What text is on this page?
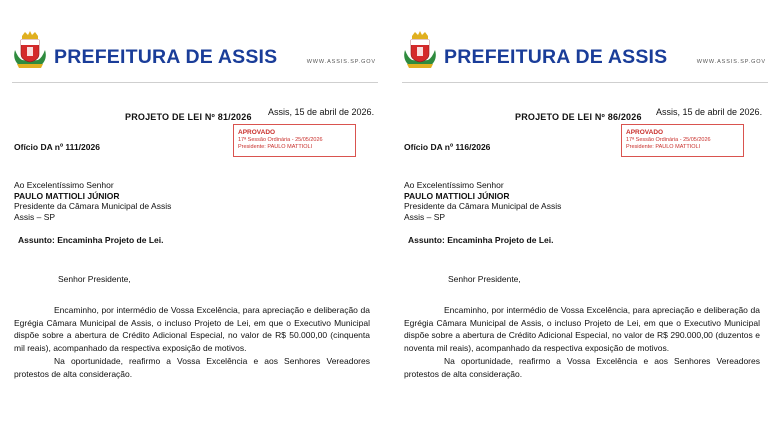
PREFEITURA DE ASSIS	WWW.ASSIS.SP.GOV
Assis, 15 de abril de 2026.
PROJETO DE LEI Nº 81/2026
APROVADO
17ª Sessão Ordinária - 25/05/2026
Presidente: PAULO MATTIOLI
Ofício DA nº 111/2026
Ao Excelentíssimo Senhor
PAULO MATTIOLI JÚNIOR
Presidente da Câmara Municipal de Assis
Assis – SP
Assunto: Encaminha Projeto de Lei.
Senhor Presidente,

Encaminho, por intermédio de Vossa Excelência, para apreciação e deliberação da Egrégia Câmara Municipal de Assis, o incluso Projeto de Lei, em que o Executivo Municipal dispõe sobre a abertura de Crédito Adicional Especial, no valor de R$ 50.000,00 (cinquenta mil reais), acompanhado da respectiva exposição de motivos.

Na oportunidade, reafirmo a Vossa Excelência e aos Senhores Vereadores protestos de alta consideração.

PREFEITURA DE ASSIS	WWW.ASSIS.SP.GOV
Assis, 15 de abril de 2026.
PROJETO DE LEI Nº 86/2026
APROVADO
17ª Sessão Ordinária - 25/05/2026
Presidente: PAULO MATTIOLI
Ofício DA nº 116/2026
Ao Excelentíssimo Senhor
PAULO MATTIOLI JÚNIOR
Presidente da Câmara Municipal de Assis
Assis – SP
Assunto: Encaminha Projeto de Lei.
Senhor Presidente,

Encaminho, por intermédio de Vossa Excelência, para apreciação e deliberação da Egrégia Câmara Municipal de Assis, o incluso Projeto de Lei, em que o Executivo Municipal dispõe sobre a abertura de Crédito Adicional Especial, no valor de R$ 290.000,00 (duzentos e noventa mil reais), acompanhado da respectiva exposição de motivos.

Na oportunidade, reafirmo a Vossa Excelência e aos Senhores Vereadores protestos de alta consideração.
